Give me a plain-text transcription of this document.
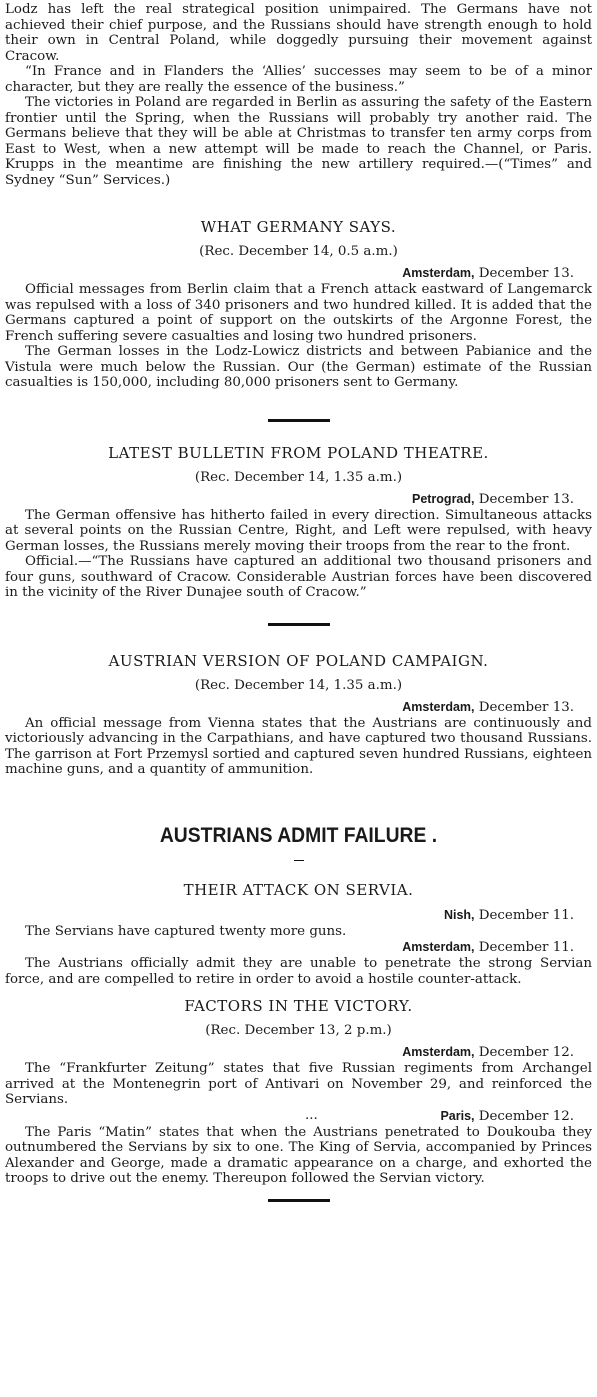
Lodz has left the real strategical position unimpaired. The Germans have not achieved their chief purpose, and the Russians should have strength enough to hold their own in Central Poland, while doggedly pursuing their movement against Cracow.

“In France and in Flanders the ‘Allies’ successes may seem to be of a minor character, but they are really the essence of the business.”

The victories in Poland are regarded in Berlin as assuring the safety of the Eastern frontier until the Spring, when the Russians will probably try another raid. The Germans believe that they will be able at Christmas to transfer ten army corps from East to West, when a new attempt will be made to reach the Channel, or Paris. Krupps in the meantime are finishing the new artillery required.—(“Times” and Sydney “Sun” Services.)

WHAT GERMANY SAYS.
(Rec. December 14, 0.5 a.m.)
Amsterdam, December 13.

Official messages from Berlin claim that a French attack eastward of Langemarck was repulsed with a loss of 340 prisoners and two hundred killed. It is added that the Germans captured a point of support on the outskirts of the Argonne Forest, the French suffering severe casualties and losing two hundred prisoners.

The German losses in the Lodz-Lowicz districts and between Pabianice and the Vistula were much below the Russian. Our (the German) estimate of the Russian casualties is 150,000, including 80,000 prisoners sent to Germany.

LATEST BULLETIN FROM POLAND THEATRE.
(Rec. December 14, 1.35 a.m.)
Petrograd, December 13.

The German offensive has hitherto failed in every direction. Simultaneous attacks at several points on the Russian Centre, Right, and Left were repulsed, with heavy German losses, the Russians merely moving their troops from the rear to the front.

Official.—“The Russians have captured an additional two thousand prisoners and four guns, southward of Cracow. Considerable Austrian forces have been discovered in the vicinity of the River Dunajee south of Cracow.”

AUSTRIAN VERSION OF POLAND CAMPAIGN.
(Rec. December 14, 1.35 a.m.)
Amsterdam, December 13.

An official message from Vienna states that the Austrians are continuously and victoriously advancing in the Carpathians, and have captured two thousand Russians. The garrison at Fort Przemysl sortied and captured seven hundred Russians, eighteen machine guns, and a quantity of ammunition.

AUSTRIANS ADMIT FAILURE .
THEIR ATTACK ON SERVIA.
Nish, December 11.

The Servians have captured twenty more guns.

Amsterdam, December 11.

The Austrians officially admit they are unable to penetrate the strong Servian force, and are compelled to retire in order to avoid a hostile counter-attack.

FACTORS IN THE VICTORY.
(Rec. December 13, 2 p.m.)
Amsterdam, December 12.

The “Frankfurter Zeitung” states that five Russian regiments from Archangel arrived at the Montenegrin port of Antivari on November 29, and reinforced the Servians.

...	Paris, December 12.

The Paris “Matin” states that when the Austrians penetrated to Doukouba they outnumbered the Servians by six to one. The King of Servia, accompanied by Princes Alexander and George, made a dramatic appearance on a charge, and exhorted the troops to drive out the enemy. Thereupon followed the Servian victory.
